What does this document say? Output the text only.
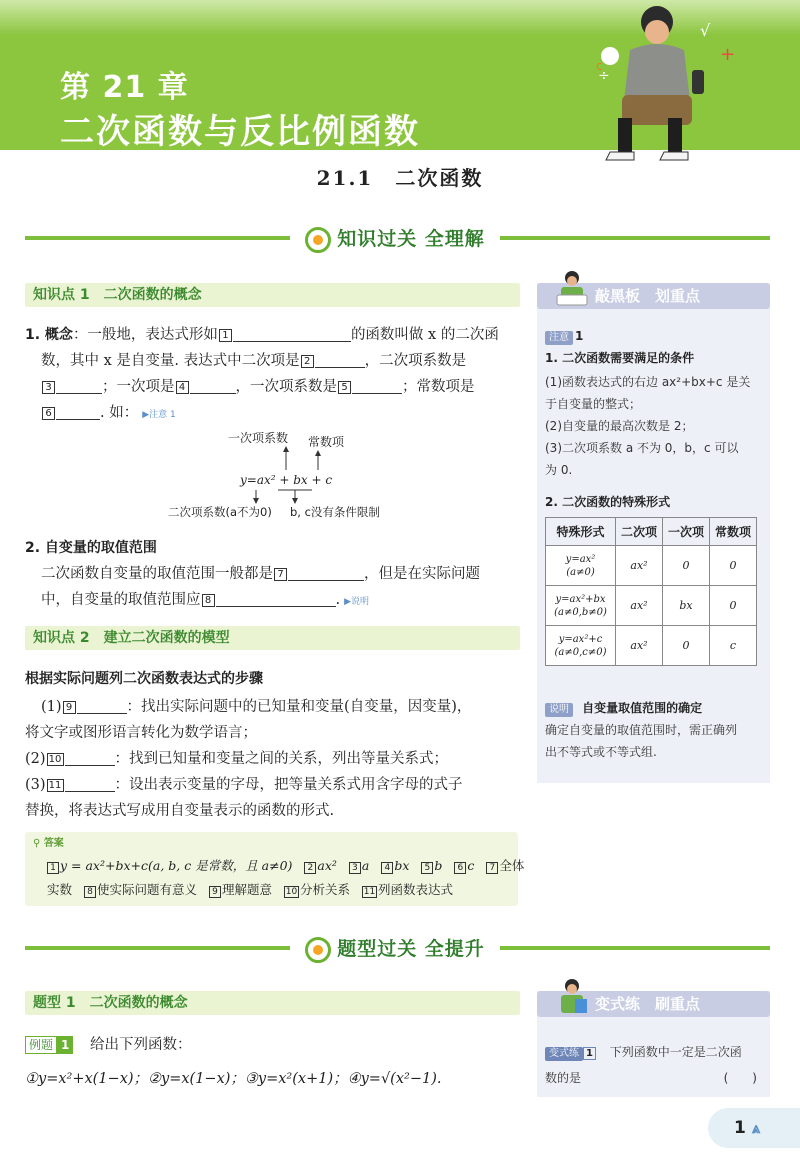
第 21 章
二次函数与反比例函数
+
√
÷
c
21.1　二次函数
知识过关 全理解
知识点 1　二次函数的概念
1. 概念：一般地，表达式形如 1	的函数叫做 x 的二次函
数，其中 x 是自变量. 表达式中二次项是 2	，二次项系数是
3	；一次项是 4	，一次项系数是 5	；常数项是
6	. 如： ▶注意 1
一次项系数 常数项
y=ax² + bx + c
二次项系数(a不为0) b, c没有条件限制
2. 自变量的取值范围
二次函数自变量的取值范围一般都是 7	，但是在实际问题
中，自变量的取值范围应 8	. ▶说明
知识点 2　建立二次函数的模型
根据实际问题列二次函数表达式的步骤
(1) 9	：找出实际问题中的已知量和变量(自变量，因变量)，
将文字或图形语言转化为数学语言；
(2) 10	：找到已知量和变量之间的关系，列出等量关系式；
(3) 11	：设出表示变量的字母，把等量关系式用含字母的式子
替换，将表达式写成用自变量表示的函数的形式.
⚲ 答案
1 y = ax²+bx+c(a, b, c 是常数，且 a≠0) 2 ax² 3 a 4 bx 5 b 6 c 7 全体
实数 8 使实际问题有意义 9 理解题意 10 分析关系 11 列函数表达式
敲黑板　划重点
注意 1
1. 二次函数需要满足的条件
(1)函数表达式的右边 ax²+bx+c 是关
于自变量的整式；
(2)自变量的最高次数是 2；
(3)二次项系数 a 不为 0，b，c 可以
为 0.
2. 二次函数的特殊形式
特殊形式	二次项	一次项	常数项

y=ax²
(a≠0)	ax²	0	0

y=ax²+bx
(a≠0,b≠0)	ax²	bx	0

y=ax²+c
(a≠0,c≠0)	ax²	0	c
说明 自变量取值范围的确定
确定自变量的取值范围时，需正确列
出不等式或不等式组.
题型过关 全提升
题型 1　二次函数的概念
例题 1 给出下列函数：
①y=x²+x(1−x)；②y=x(1−x)；③y=x²(x+1)；④y=√(x²−1).
变式练　刷重点
变式练 1 下列函数中一定是二次函
数的是	(　　)
1 ⩓
